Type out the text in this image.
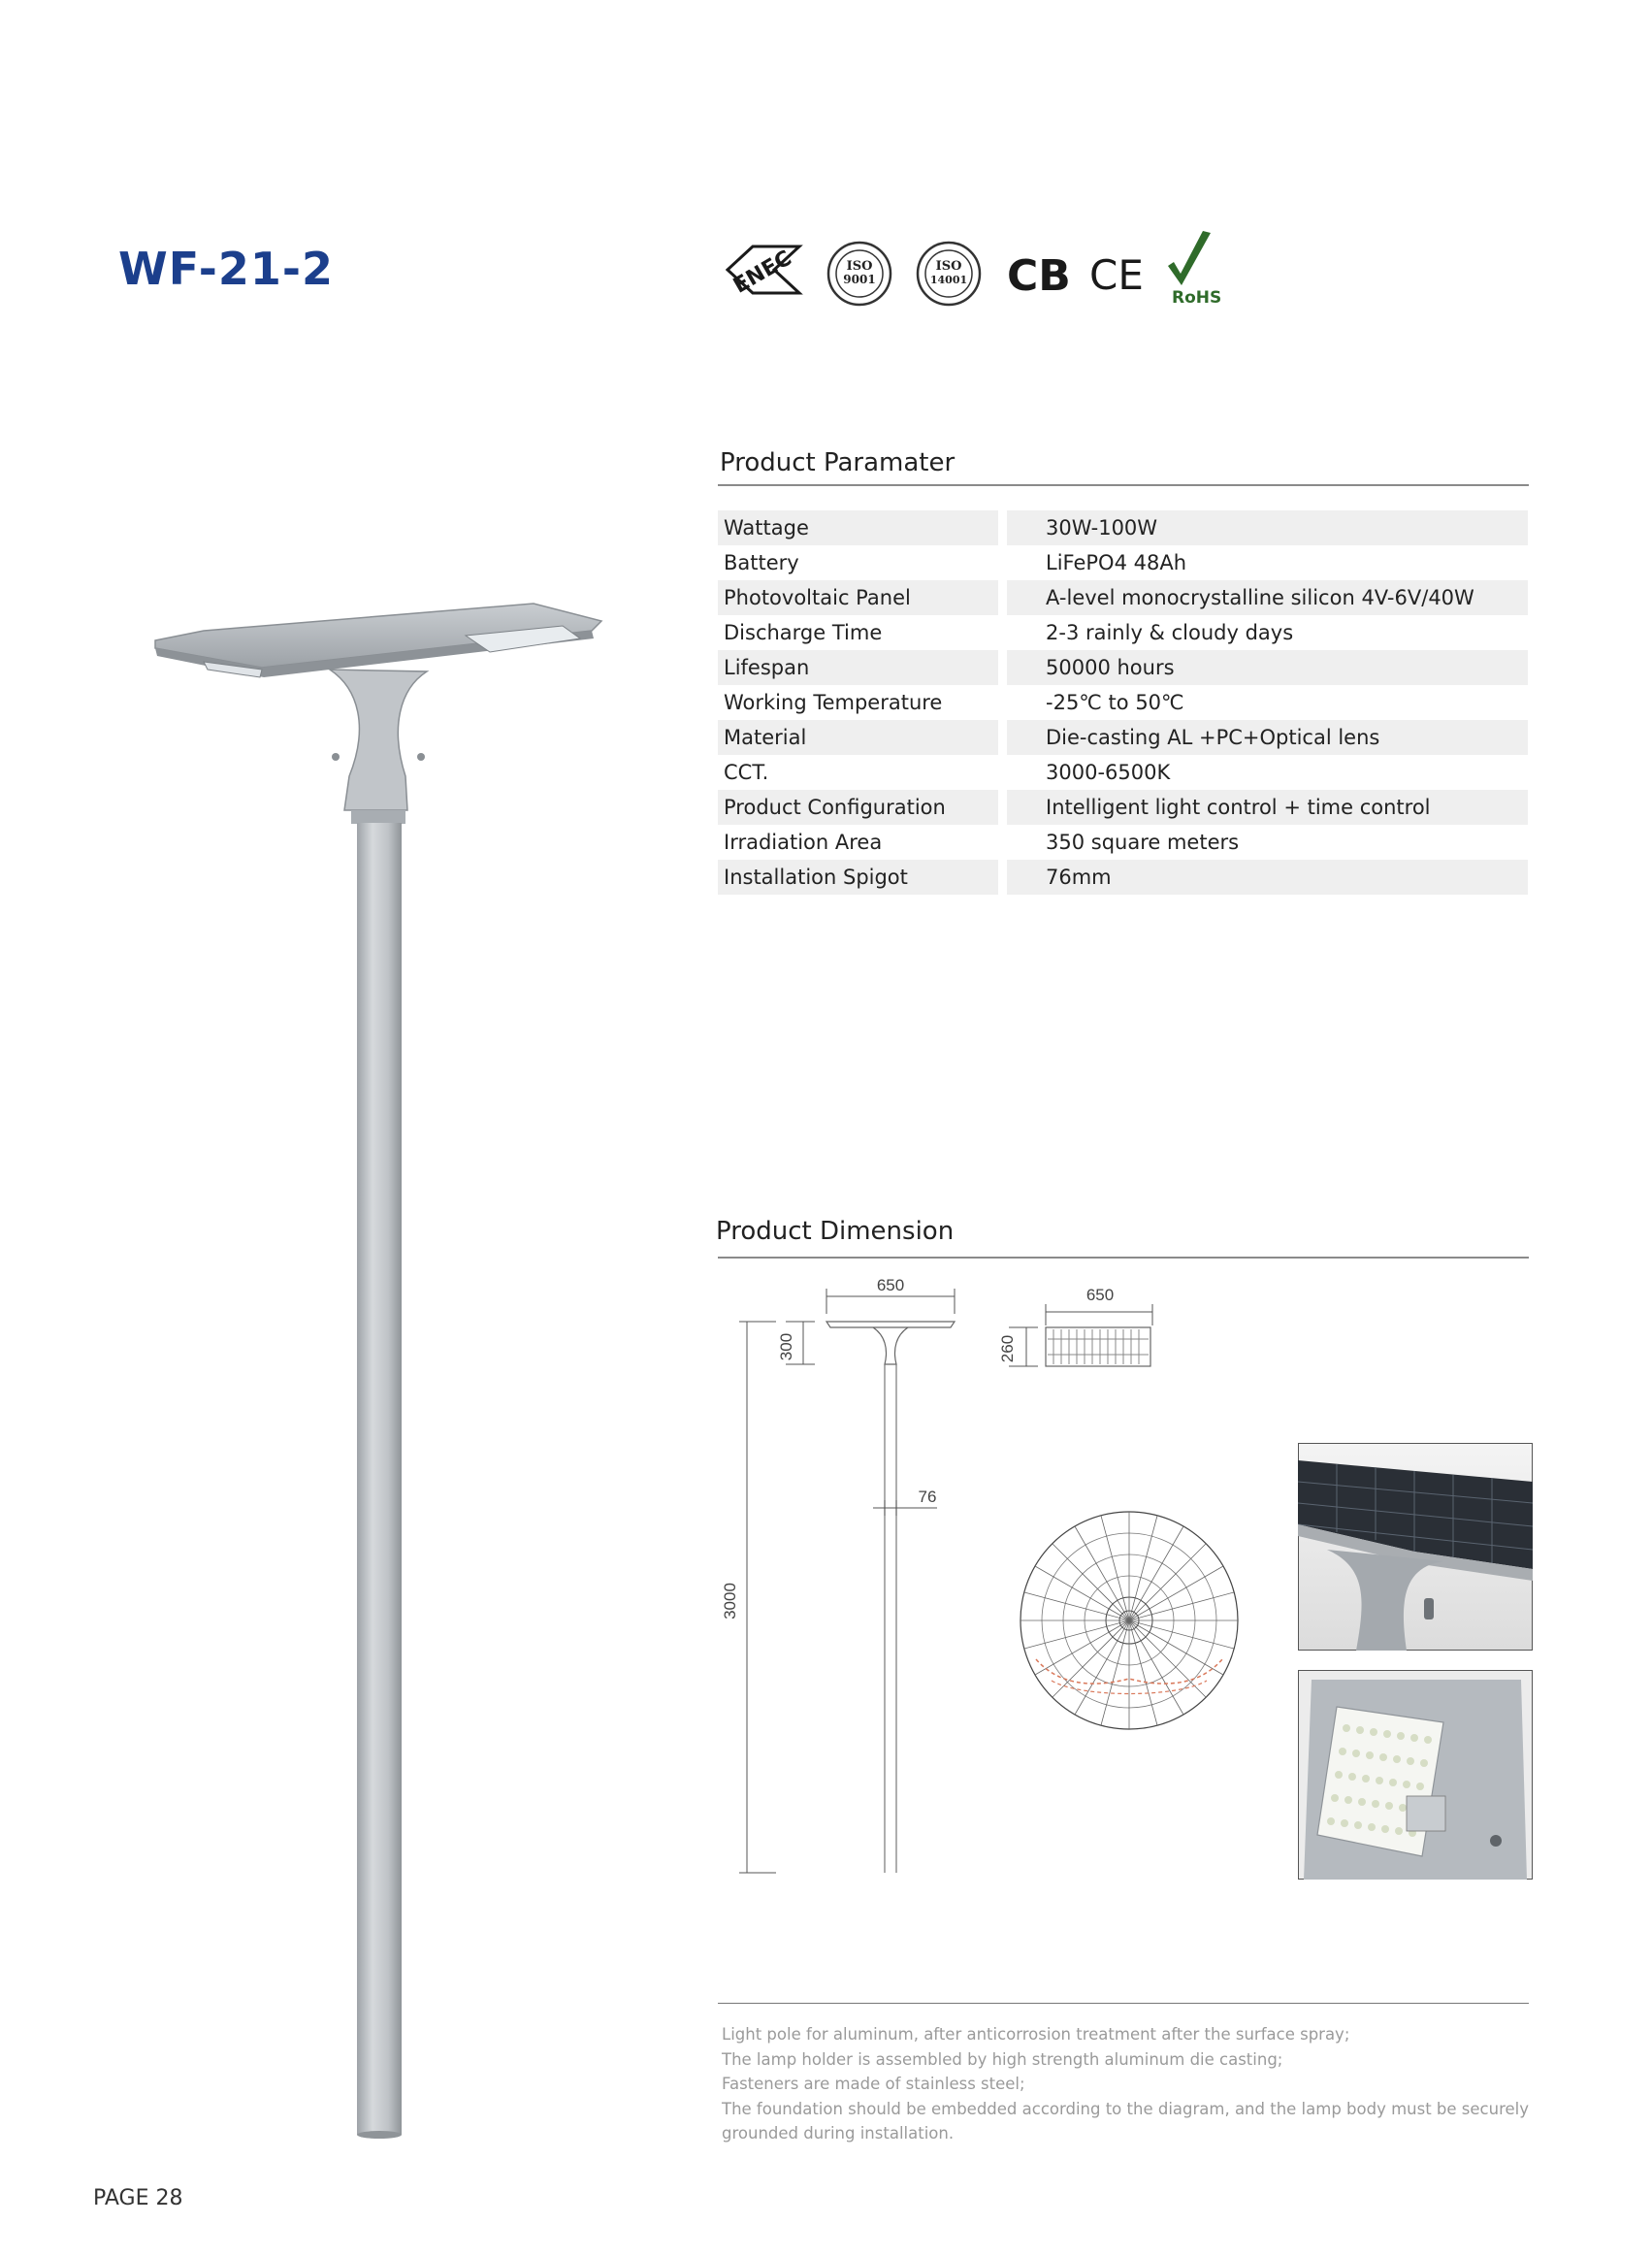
WF-21-2	ENEC	ISO
9001
ISO
14001 CB CE RoHS
Product Paramater
Wattage	30W-100W
Battery	LiFePO4 48Ah
Photovoltaic Panel	A-level monocrystalline silicon 4V-6V/40W
Discharge Time	2-3 rainly & cloudy days
Lifespan	50000 hours
Working Temperature	-25℃ to 50℃
Material	Die-casting AL +PC+Optical lens
CCT.	3000-6500K
Product Configuration	Intelligent light control + time control
Irradiation Area	350 square meters
Installation Spigot	76mm
Product Dimension
650
300
3000
76
650
260
Light pole for aluminum, after anticorrosion treatment after the surface spray;
The lamp holder is assembled by high strength aluminum die casting;
Fasteners are made of stainless steel;
The foundation should be embedded according to the diagram, and the lamp body must be securely grounded during installation.
PAGE 28
